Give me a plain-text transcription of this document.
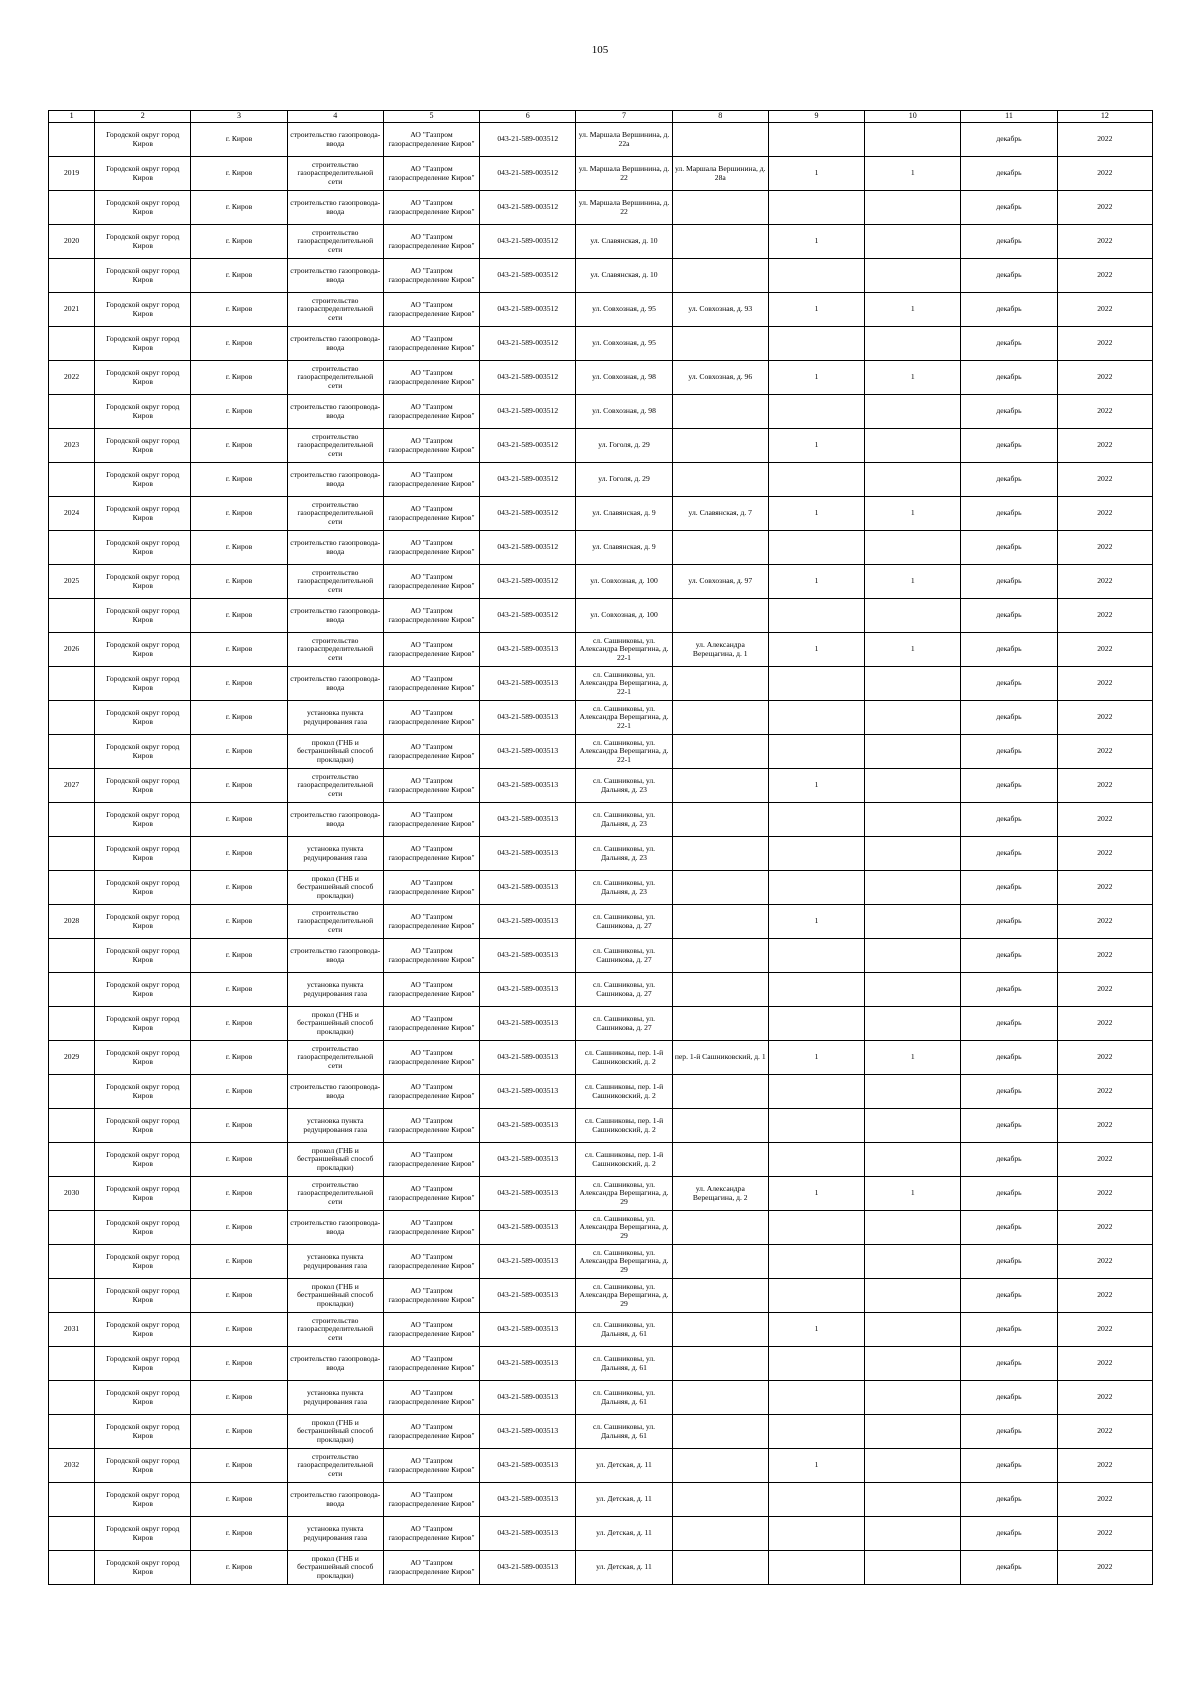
105
1	2	3	4	5	6	7	8	9	10	11	12
	Городской округ город Киров	г. Киров	строительство газопровода-ввода	АО "Газпром газораспределение Киров"	043-21-589-003512	ул. Маршала Вершинина, д. 22а				декабрь	2022
2019	Городской округ город Киров	г. Киров	строительство газораспределительной сети	АО "Газпром газораспределение Киров"	043-21-589-003512	ул. Маршала Вершинина, д. 22	ул. Маршала Вершинина, д. 28а	1	1	декабрь	2022
	Городской округ город Киров	г. Киров	строительство газопровода-ввода	АО "Газпром газораспределение Киров"	043-21-589-003512	ул. Маршала Вершинина, д. 22				декабрь	2022
2020	Городской округ город Киров	г. Киров	строительство газораспределительной сети	АО "Газпром газораспределение Киров"	043-21-589-003512	ул. Славянская, д. 10		1		декабрь	2022
	Городской округ город Киров	г. Киров	строительство газопровода-ввода	АО "Газпром газораспределение Киров"	043-21-589-003512	ул. Славянская, д. 10				декабрь	2022
2021	Городской округ город Киров	г. Киров	строительство газораспределительной сети	АО "Газпром газораспределение Киров"	043-21-589-003512	ул. Совхозная, д. 95	ул. Совхозная, д. 93	1	1	декабрь	2022
	Городской округ город Киров	г. Киров	строительство газопровода-ввода	АО "Газпром газораспределение Киров"	043-21-589-003512	ул. Совхозная, д. 95				декабрь	2022
2022	Городской округ город Киров	г. Киров	строительство газораспределительной сети	АО "Газпром газораспределение Киров"	043-21-589-003512	ул. Совхозная, д. 98	ул. Совхозная, д. 96	1	1	декабрь	2022
	Городской округ город Киров	г. Киров	строительство газопровода-ввода	АО "Газпром газораспределение Киров"	043-21-589-003512	ул. Совхозная, д. 98				декабрь	2022
2023	Городской округ город Киров	г. Киров	строительство газораспределительной сети	АО "Газпром газораспределение Киров"	043-21-589-003512	ул. Гоголя, д. 29		1		декабрь	2022
	Городской округ город Киров	г. Киров	строительство газопровода-ввода	АО "Газпром газораспределение Киров"	043-21-589-003512	ул. Гоголя, д. 29				декабрь	2022
2024	Городской округ город Киров	г. Киров	строительство газораспределительной сети	АО "Газпром газораспределение Киров"	043-21-589-003512	ул. Славянская, д. 9	ул. Славянская, д. 7	1	1	декабрь	2022
	Городской округ город Киров	г. Киров	строительство газопровода-ввода	АО "Газпром газораспределение Киров"	043-21-589-003512	ул. Славянская, д. 9				декабрь	2022
2025	Городской округ город Киров	г. Киров	строительство газораспределительной сети	АО "Газпром газораспределение Киров"	043-21-589-003512	ул. Совхозная, д. 100	ул. Совхозная, д. 97	1	1	декабрь	2022
	Городской округ город Киров	г. Киров	строительство газопровода-ввода	АО "Газпром газораспределение Киров"	043-21-589-003512	ул. Совхозная, д. 100				декабрь	2022
2026	Городской округ город Киров	г. Киров	строительство газораспределительной сети	АО "Газпром газораспределение Киров"	043-21-589-003513	сл. Сашниковы, ул. Александра Верещагина, д. 22-1	ул. Александра Верещагина, д. 1	1	1	декабрь	2022
	Городской округ город Киров	г. Киров	строительство газопровода-ввода	АО "Газпром газораспределение Киров"	043-21-589-003513	сл. Сашниковы, ул. Александра Верещагина, д. 22-1				декабрь	2022
	Городской округ город Киров	г. Киров	установка пункта редуцирования газа	АО "Газпром газораспределение Киров"	043-21-589-003513	сл. Сашниковы, ул. Александра Верещагина, д. 22-1				декабрь	2022
	Городской округ город Киров	г. Киров	прокол (ГНБ и бестраншейный способ прокладки)	АО "Газпром газораспределение Киров"	043-21-589-003513	сл. Сашниковы, ул. Александра Верещагина, д. 22-1				декабрь	2022
2027	Городской округ город Киров	г. Киров	строительство газораспределительной сети	АО "Газпром газораспределение Киров"	043-21-589-003513	сл. Сашниковы, ул. Дальняя, д. 23		1		декабрь	2022
	Городской округ город Киров	г. Киров	строительство газопровода-ввода	АО "Газпром газораспределение Киров"	043-21-589-003513	сл. Сашниковы, ул. Дальняя, д. 23				декабрь	2022
	Городской округ город Киров	г. Киров	установка пункта редуцирования газа	АО "Газпром газораспределение Киров"	043-21-589-003513	сл. Сашниковы, ул. Дальняя, д. 23				декабрь	2022
	Городской округ город Киров	г. Киров	прокол (ГНБ и бестраншейный способ прокладки)	АО "Газпром газораспределение Киров"	043-21-589-003513	сл. Сашниковы, ул. Дальняя, д. 23				декабрь	2022
2028	Городской округ город Киров	г. Киров	строительство газораспределительной сети	АО "Газпром газораспределение Киров"	043-21-589-003513	сл. Сашниковы, ул. Сашникова, д. 27		1		декабрь	2022
	Городской округ город Киров	г. Киров	строительство газопровода-ввода	АО "Газпром газораспределение Киров"	043-21-589-003513	сл. Сашниковы, ул. Сашникова, д. 27				декабрь	2022
	Городской округ город Киров	г. Киров	установка пункта редуцирования газа	АО "Газпром газораспределение Киров"	043-21-589-003513	сл. Сашниковы, ул. Сашникова, д. 27				декабрь	2022
	Городской округ город Киров	г. Киров	прокол (ГНБ и бестраншейный способ прокладки)	АО "Газпром газораспределение Киров"	043-21-589-003513	сл. Сашниковы, ул. Сашникова, д. 27				декабрь	2022
2029	Городской округ город Киров	г. Киров	строительство газораспределительной сети	АО "Газпром газораспределение Киров"	043-21-589-003513	сл. Сашниковы, пер. 1-й Сашниковский, д. 2	пер. 1-й Сашниковский, д. 1	1	1	декабрь	2022
	Городской округ город Киров	г. Киров	строительство газопровода-ввода	АО "Газпром газораспределение Киров"	043-21-589-003513	сл. Сашниковы, пер. 1-й Сашниковский, д. 2				декабрь	2022
	Городской округ город Киров	г. Киров	установка пункта редуцирования газа	АО "Газпром газораспределение Киров"	043-21-589-003513	сл. Сашниковы, пер. 1-й Сашниковский, д. 2				декабрь	2022
	Городской округ город Киров	г. Киров	прокол (ГНБ и бестраншейный способ прокладки)	АО "Газпром газораспределение Киров"	043-21-589-003513	сл. Сашниковы, пер. 1-й Сашниковский, д. 2				декабрь	2022
2030	Городской округ город Киров	г. Киров	строительство газораспределительной сети	АО "Газпром газораспределение Киров"	043-21-589-003513	сл. Сашниковы, ул. Александра Верещагина, д. 29	ул. Александра Верещагина, д. 2	1	1	декабрь	2022
	Городской округ город Киров	г. Киров	строительство газопровода-ввода	АО "Газпром газораспределение Киров"	043-21-589-003513	сл. Сашниковы, ул. Александра Верещагина, д. 29				декабрь	2022
	Городской округ город Киров	г. Киров	установка пункта редуцирования газа	АО "Газпром газораспределение Киров"	043-21-589-003513	сл. Сашниковы, ул. Александра Верещагина, д. 29				декабрь	2022
	Городской округ город Киров	г. Киров	прокол (ГНБ и бестраншейный способ прокладки)	АО "Газпром газораспределение Киров"	043-21-589-003513	сл. Сашниковы, ул. Александра Верещагина, д. 29				декабрь	2022
2031	Городской округ город Киров	г. Киров	строительство газораспределительной сети	АО "Газпром газораспределение Киров"	043-21-589-003513	сл. Сашниковы, ул. Дальняя, д. 61		1		декабрь	2022
	Городской округ город Киров	г. Киров	строительство газопровода-ввода	АО "Газпром газораспределение Киров"	043-21-589-003513	сл. Сашниковы, ул. Дальняя, д. 61				декабрь	2022
	Городской округ город Киров	г. Киров	установка пункта редуцирования газа	АО "Газпром газораспределение Киров"	043-21-589-003513	сл. Сашниковы, ул. Дальняя, д. 61				декабрь	2022
	Городской округ город Киров	г. Киров	прокол (ГНБ и бестраншейный способ прокладки)	АО "Газпром газораспределение Киров"	043-21-589-003513	сл. Сашниковы, ул. Дальняя, д. 61				декабрь	2022
2032	Городской округ город Киров	г. Киров	строительство газораспределительной сети	АО "Газпром газораспределение Киров"	043-21-589-003513	ул. Детская, д. 11		1		декабрь	2022
	Городской округ город Киров	г. Киров	строительство газопровода-ввода	АО "Газпром газораспределение Киров"	043-21-589-003513	ул. Детская, д. 11				декабрь	2022
	Городской округ город Киров	г. Киров	установка пункта редуцирования газа	АО "Газпром газораспределение Киров"	043-21-589-003513	ул. Детская, д. 11				декабрь	2022
	Городской округ город Киров	г. Киров	прокол (ГНБ и бестраншейный способ прокладки)	АО "Газпром газораспределение Киров"	043-21-589-003513	ул. Детская, д. 11				декабрь	2022
